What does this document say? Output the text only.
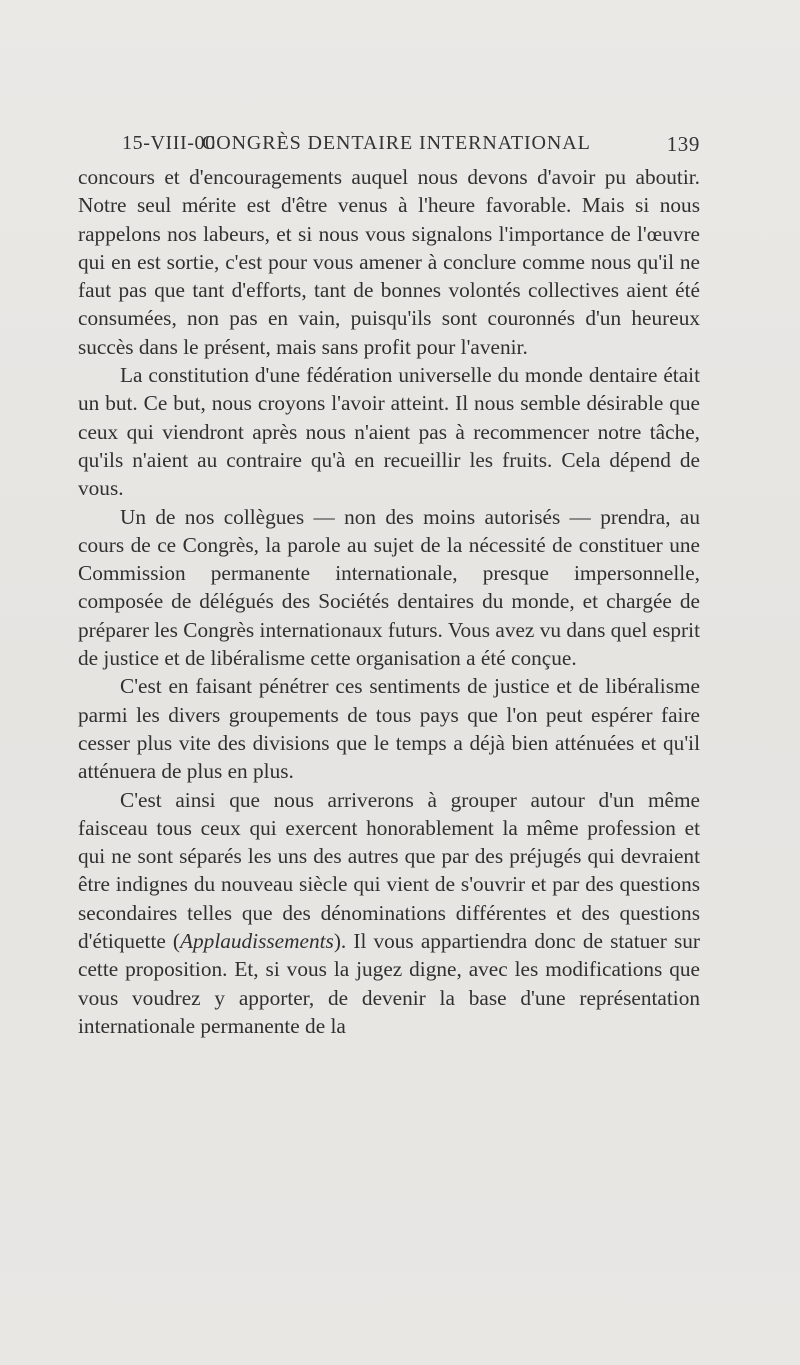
15-VIII-00
CONGRÈS DENTAIRE INTERNATIONAL	139

concours et d'encouragements auquel nous devons d'avoir pu aboutir. Notre seul mérite est d'être venus à l'heure favorable. Mais si nous rappelons nos labeurs, et si nous vous signalons l'importance de l'œuvre qui en est sortie, c'est pour vous amener à conclure comme nous qu'il ne faut pas que tant d'efforts, tant de bonnes volontés collectives aient été consumées, non pas en vain, puisqu'ils sont couronnés d'un heureux succès dans le présent, mais sans profit pour l'avenir.

La constitution d'une fédération universelle du monde dentaire était un but. Ce but, nous croyons l'avoir atteint. Il nous semble désirable que ceux qui viendront après nous n'aient pas à recommencer notre tâche, qu'ils n'aient au contraire qu'à en recueillir les fruits. Cela dépend de vous.

Un de nos collègues — non des moins autorisés — prendra, au cours de ce Congrès, la parole au sujet de la nécessité de constituer une Commission permanente internationale, presque impersonnelle, composée de délégués des Sociétés dentaires du monde, et chargée de préparer les Congrès internationaux futurs. Vous avez vu dans quel esprit de justice et de libéralisme cette organisation a été conçue.

C'est en faisant pénétrer ces sentiments de justice et de libéralisme parmi les divers groupements de tous pays que l'on peut espérer faire cesser plus vite des divisions que le temps a déjà bien atténuées et qu'il atténuera de plus en plus.

C'est ainsi que nous arriverons à grouper autour d'un même faisceau tous ceux qui exercent honorablement la même profession et qui ne sont séparés les uns des autres que par des préjugés qui devraient être indignes du nouveau siècle qui vient de s'ouvrir et par des questions secondaires telles que des dénominations différentes et des questions d'étiquette (Applaudissements). Il vous appartiendra donc de statuer sur cette proposition. Et, si vous la jugez digne, avec les modifications que vous voudrez y apporter, de devenir la base d'une représentation internationale permanente de la
